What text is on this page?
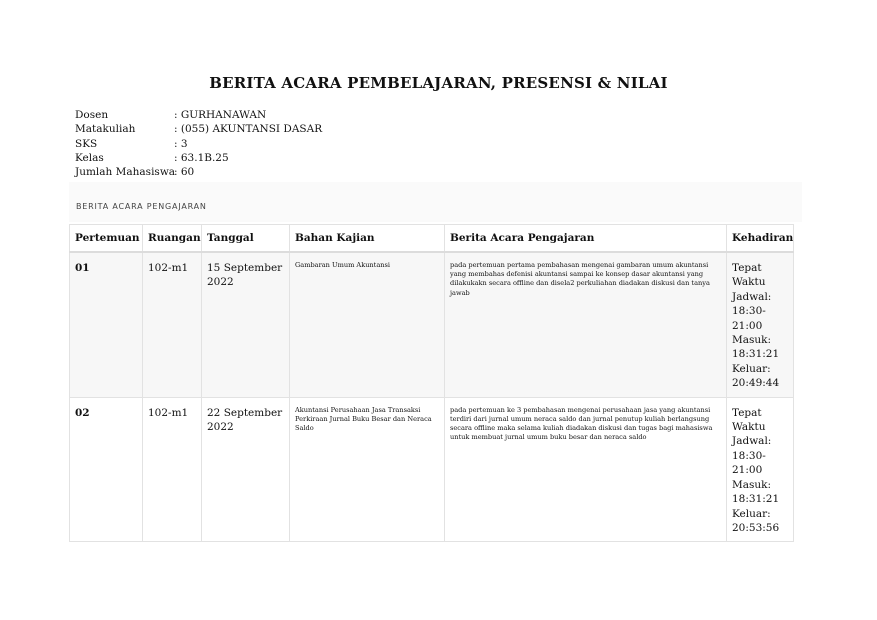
BERITA ACARA PEMBELAJARAN, PRESENSI & NILAI
Dosen	: GURHANAWAN
Matakuliah	: (055) AKUNTANSI DASAR
SKS	: 3
Kelas	: 63.1B.25
Jumlah Mahasiswa
: 60
BERITA ACARA PENGAJARAN
Pertemuan	Ruangan	Tanggal	Bahan Kajian	Berita Acara Pengajaran	Kehadiran
01	102-m1	15 September 2022	Gambaran Umum Akuntansi	pada pertemuan pertama pembahasan mengenai gambaran umum akuntansi yang membahas defenisi akuntansi sampai ke konsep dasar akuntansi yang dilakukakn secara offline dan disela2 perkuliahan diadakan diskusi dan tanya jawab	Tepat Waktu Jadwal: 18:30-21:00 Masuk: 18:31:21 Keluar: 20:49:44
02	102-m1	22 September 2022	Akuntansi Perusahaan Jasa Transaksi Perkiraan Jurnal Buku Besar dan Neraca Saldo	pada pertemuan ke 3 pembahasan mengenai perusahaan jasa yang akuntansi terdiri dari jurnal umum neraca saldo dan jurnal penutup kuliah berlangsung secara offline maka selama kuliah diadakan diskusi dan tugas bagi mahasiswa untuk membuat jurnal umum buku besar dan neraca saldo	Tepat Waktu Jadwal: 18:30-21:00 Masuk: 18:31:21 Keluar: 20:53:56
